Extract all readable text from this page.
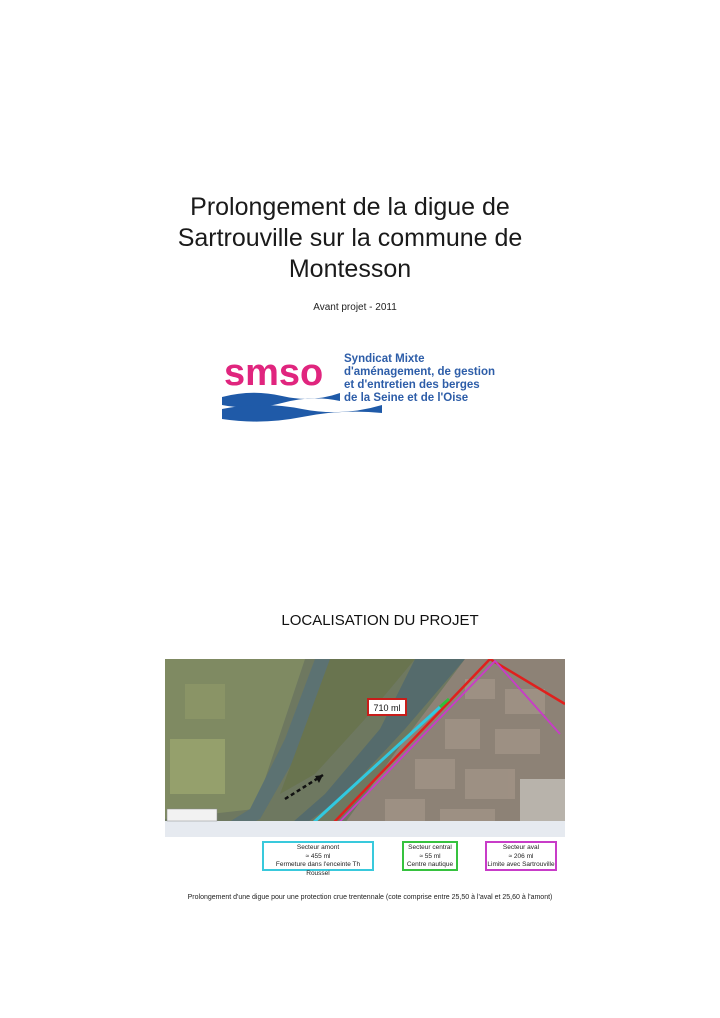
Prolongement de la digue de
Sartrouville sur la commune de
Montesson
Avant projet - 2011
smso Syndicat Mixte
d'aménagement, de gestion
et d'entretien des berges
de la Seine et de l'Oise
LOCALISATION DU PROJET
710 ml
Secteur amont
≈ 455 ml
Fermeture dans l'enceinte Th Roussel
Secteur central
≈ 55 ml
Centre nautique
Secteur aval
≈ 206 ml
Limite avec Sartrouville
Prolongement d'une digue pour une protection crue trentennale (cote comprise entre 25,50 à l'aval et 25,60 à l'amont)
